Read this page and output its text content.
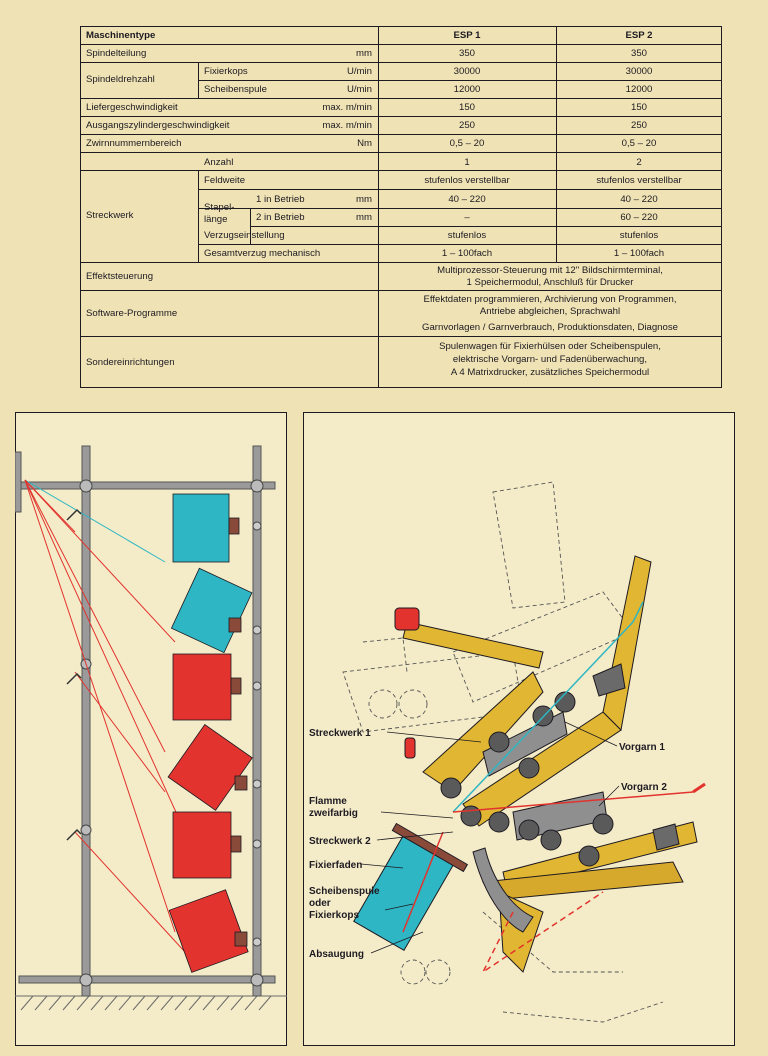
Maschinentype	ESP 1	ESP 2
Spindelteilung	mm	350	350
Spindeldrehzahl
Fixierkops	U/min	30000	30000
Scheibenspule	U/min	12000	12000
Liefergeschwindigkeit	max. m/min	150	150
Ausgangszylindergeschwindigkeit	max. m/min	250	250
Zwirnnummernbereich	Nm	0,5 – 20	0,5 – 20
Streckwerk
Anzahl	1	2
Feldweite	stufenlos verstellbar	stufenlos verstellbar
Stapel-
länge
1 in Betrieb	mm	40 – 220	40 – 220
2 in Betrieb	mm	–	60 – 220
Verzugseinstellung	stufenlos	stufenlos
Gesamtverzug mechanisch	1 – 100fach	1 – 100fach
Effektsteuerung
Multiprozessor-Steuerung mit 12" Bildschirmterminal,
1 Speichermodul, Anschluß für Drucker
Software-Programme
Effektdaten programmieren, Archivierung von Programmen,
Antriebe abgleichen, Sprachwahl
Garnvorlagen / Garnverbrauch, Produktionsdaten, Diagnose
Sondereinrichtungen
Spulenwagen für Fixierhülsen oder Scheibenspulen,
elektrische Vorgarn- und Fadenüberwachung,
A 4 Matrixdrucker, zusätzliches Speichermodul
Streckwerk 1
Vorgarn 1
Vorgarn 2
Flamme
zweifarbig
Streckwerk 2
Fixierfaden
Scheibenspule
oder
Fixierkops
Absaugung
